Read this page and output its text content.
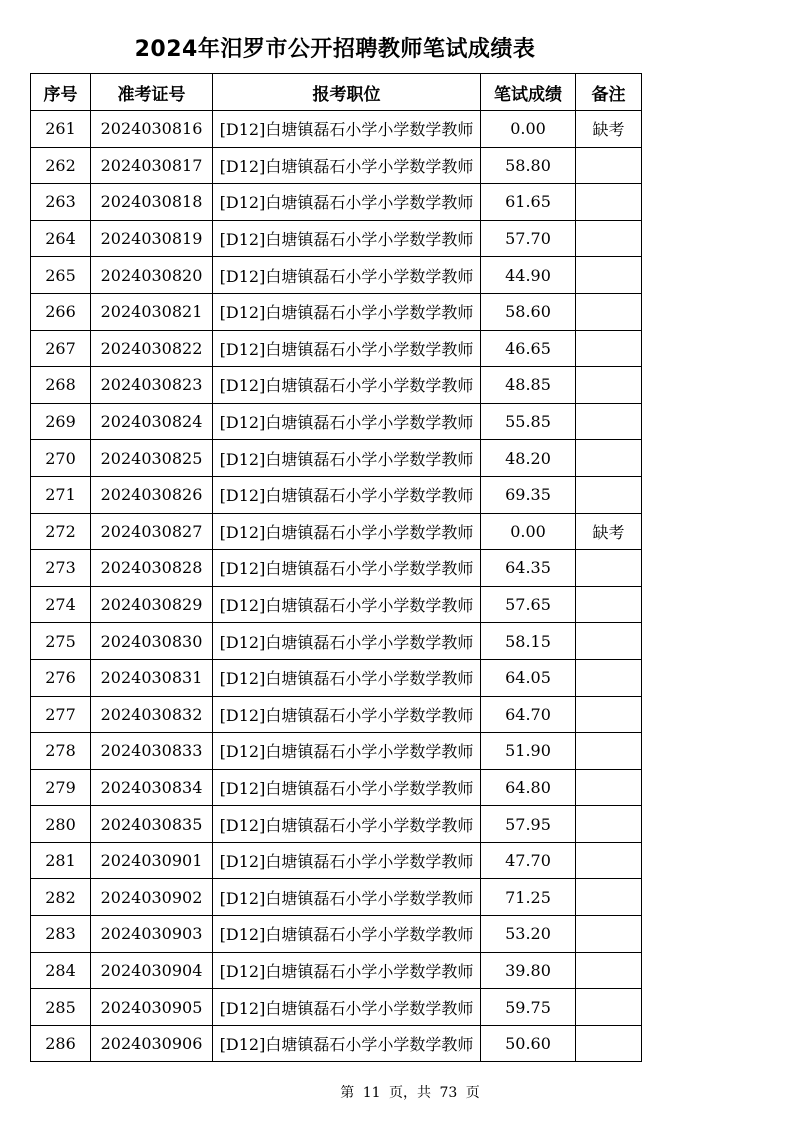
2024年汨罗市公开招聘教师笔试成绩表
序号	准考证号	报考职位	笔试成绩	备注
261	2024030816	[D12]白塘镇磊石小学小学数学教师	0.00	缺考
262	2024030817	[D12]白塘镇磊石小学小学数学教师	58.80	
263	2024030818	[D12]白塘镇磊石小学小学数学教师	61.65	
264	2024030819	[D12]白塘镇磊石小学小学数学教师	57.70	
265	2024030820	[D12]白塘镇磊石小学小学数学教师	44.90	
266	2024030821	[D12]白塘镇磊石小学小学数学教师	58.60	
267	2024030822	[D12]白塘镇磊石小学小学数学教师	46.65	
268	2024030823	[D12]白塘镇磊石小学小学数学教师	48.85	
269	2024030824	[D12]白塘镇磊石小学小学数学教师	55.85	
270	2024030825	[D12]白塘镇磊石小学小学数学教师	48.20	
271	2024030826	[D12]白塘镇磊石小学小学数学教师	69.35	
272	2024030827	[D12]白塘镇磊石小学小学数学教师	0.00	缺考
273	2024030828	[D12]白塘镇磊石小学小学数学教师	64.35	
274	2024030829	[D12]白塘镇磊石小学小学数学教师	57.65	
275	2024030830	[D12]白塘镇磊石小学小学数学教师	58.15	
276	2024030831	[D12]白塘镇磊石小学小学数学教师	64.05	
277	2024030832	[D12]白塘镇磊石小学小学数学教师	64.70	
278	2024030833	[D12]白塘镇磊石小学小学数学教师	51.90	
279	2024030834	[D12]白塘镇磊石小学小学数学教师	64.80	
280	2024030835	[D12]白塘镇磊石小学小学数学教师	57.95	
281	2024030901	[D12]白塘镇磊石小学小学数学教师	47.70	
282	2024030902	[D12]白塘镇磊石小学小学数学教师	71.25	
283	2024030903	[D12]白塘镇磊石小学小学数学教师	53.20	
284	2024030904	[D12]白塘镇磊石小学小学数学教师	39.80	
285	2024030905	[D12]白塘镇磊石小学小学数学教师	59.75	
286	2024030906	[D12]白塘镇磊石小学小学数学教师	50.60	
第 11 页，共 73 页
